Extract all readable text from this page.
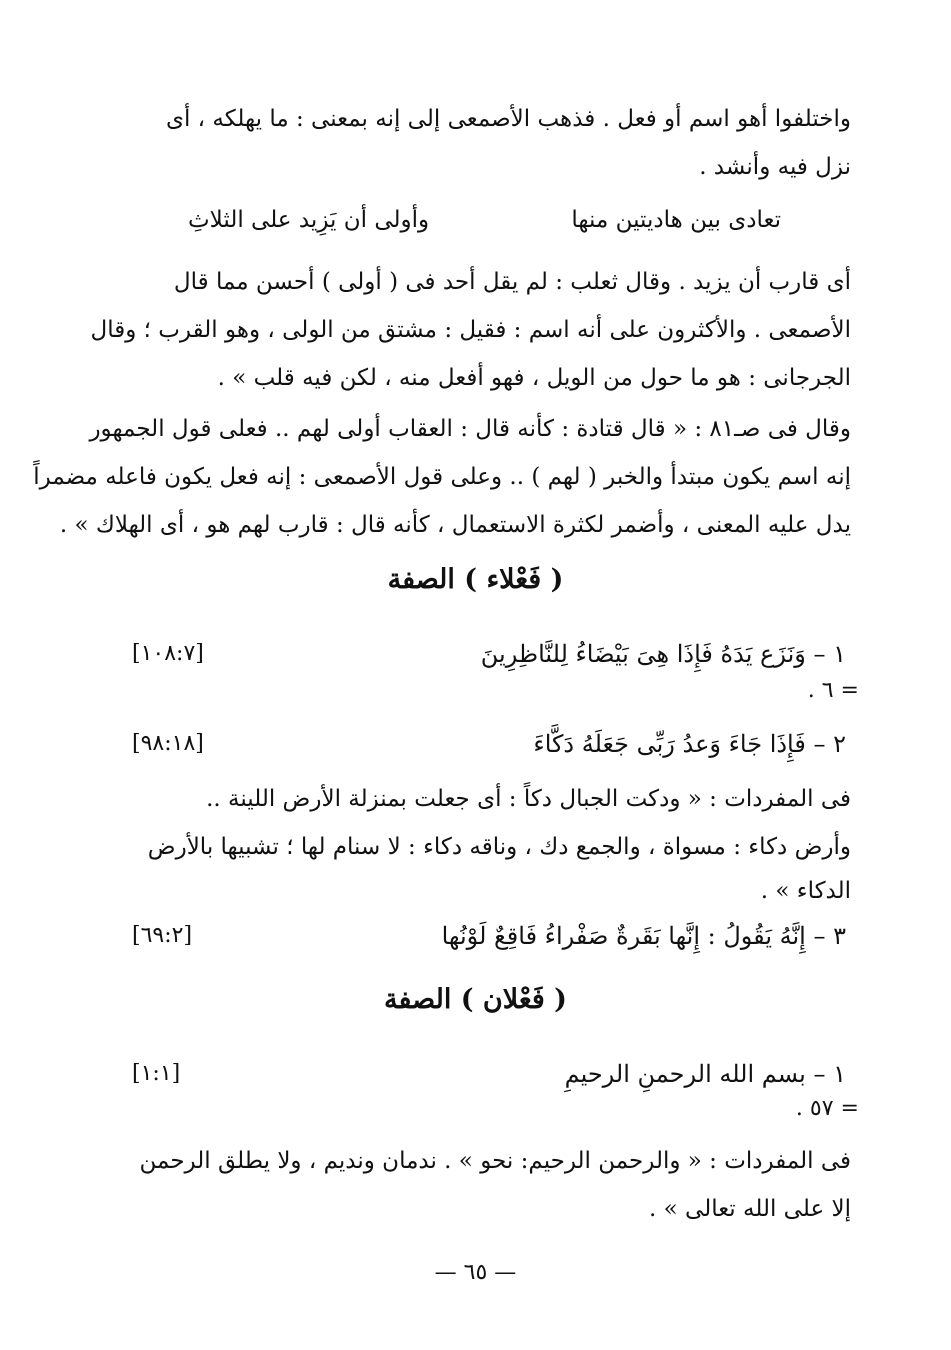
واختلفوا أهو اسم أو فعل . فذهب الأصمعى إلى إنه بمعنى : ما يهلكه ، أى
نزل فيه وأنشد .
تعادى بين هاديتين منها
وأولى أن يَزِيد على الثلاثِ
أى قارب أن يزيد . وقال ثعلب : لم يقل أحد فى ( أولى ) أحسن مما قال
الأصمعى . والأكثرون على أنه اسم : فقيل : مشتق من الولى ، وهو القرب ؛ وقال
الجرجانى : هو ما حول من الويل ، فهو أفعل منه ، لكن فيه قلب » .
وقال فى صـ٨١ : « قال قتادة : كأنه قال : العقاب أولى لهم .. فعلى قول الجمهور
إنه اسم يكون مبتدأ والخبر ( لهم ) .. وعلى قول الأصمعى : إنه فعل يكون فاعله مضمراً
يدل عليه المعنى ، وأضمر لكثرة الاستعمال ، كأنه قال : قارب لهم هو ، أى الهلاك » .
( فَعْلاء ) الصفة
١ – وَنَزَع يَدَهُ فَإِذَا هِىَ بَيْضَاءُ لِلنَّاظِرِينَ
[١٠٨:٧]
= ٦ .
٢ – فَإِذَا جَاءَ وَعدُ رَبِّى جَعَلَهُ دَكَّاءَ
[٩٨:١٨]
فى المفردات : « ودكت الجبال دكاً : أى جعلت بمنزلة الأرض اللينة ..
وأرض دكاء : مسواة ، والجمع دك ، وناقه دكاء : لا سنام لها ؛ تشبيها بالأرض
الدكاء » .
٣ – إِنَّهُ يَقُولُ : إِنَّها بَقَرةٌ صَفْراءُ فَاقِعٌ لَوْنُها
[٦٩:٢]
( فَعْلان ) الصفة
١ – بسم الله الرحمنِ الرحيمِ
[١:١]
= ٥٧ .
فى المفردات : « والرحمن الرحيم: نحو » . ندمان ونديم ، ولا يطلق الرحمن
إلا على الله تعالى » .
— ٦٥ —
